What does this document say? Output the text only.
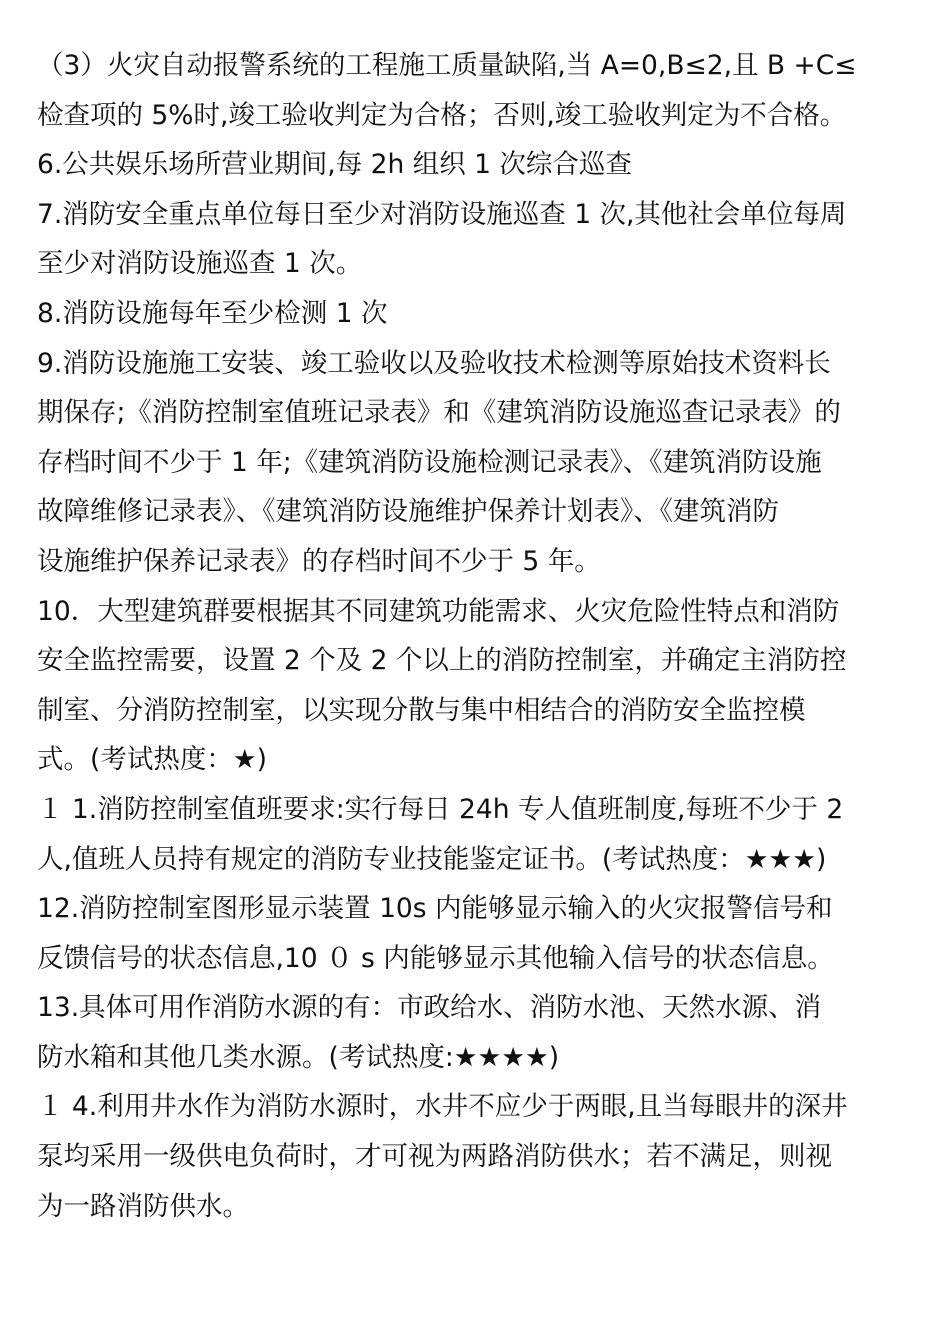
（3）火灾自动报警系统的工程施工质量缺陷,当 A=0,B≤2,且 B +C≤
检查项的 5%时,竣工验收判定为合格；否则,竣工验收判定为不合格。
6.公共娱乐场所营业期间,每 2h 组织 1 次综合巡查
7.消防安全重点单位每日至少对消防设施巡查 1 次,其他社会单位每周
至少对消防设施巡查 1 次。
8.消防设施每年至少检测 1 次
9.消防设施施工安装、竣工验收以及验收技术检测等原始技术资料长
期保存;《消防控制室值班记录表》和《建筑消防设施巡查记录表》的
存档时间不少于 1 年;《建筑消防设施检测记录表》、《建筑消防设施
故障维修记录表》、《建筑消防设施维护保养计划表》、《建筑消防
设施维护保养记录表》的存档时间不少于 5 年。
10．大型建筑群要根据其不同建筑功能需求、火灾危险性特点和消防
安全监控需要，设置 2 个及 2 个以上的消防控制室，并确定主消防控
制室、分消防控制室，以实现分散与集中相结合的消防安全监控模
式。(考试热度：★)
１ 1.消防控制室值班要求:实行每日 24h 专人值班制度,每班不少于 2
人,值班人员持有规定的消防专业技能鉴定证书。(考试热度：★★★)
12.消防控制室图形显示装置 10s 内能够显示输入的火灾报警信号和
反馈信号的状态信息,10 ０ s 内能够显示其他输入信号的状态信息。
13.具体可用作消防水源的有：市政给水、消防水池、天然水源、消
防水箱和其他几类水源。(考试热度:★★★★)
１ 4.利用井水作为消防水源时，水井不应少于两眼,且当每眼井的深井
泵均采用一级供电负荷时，才可视为两路消防供水；若不满足，则视
为一路消防供水。
